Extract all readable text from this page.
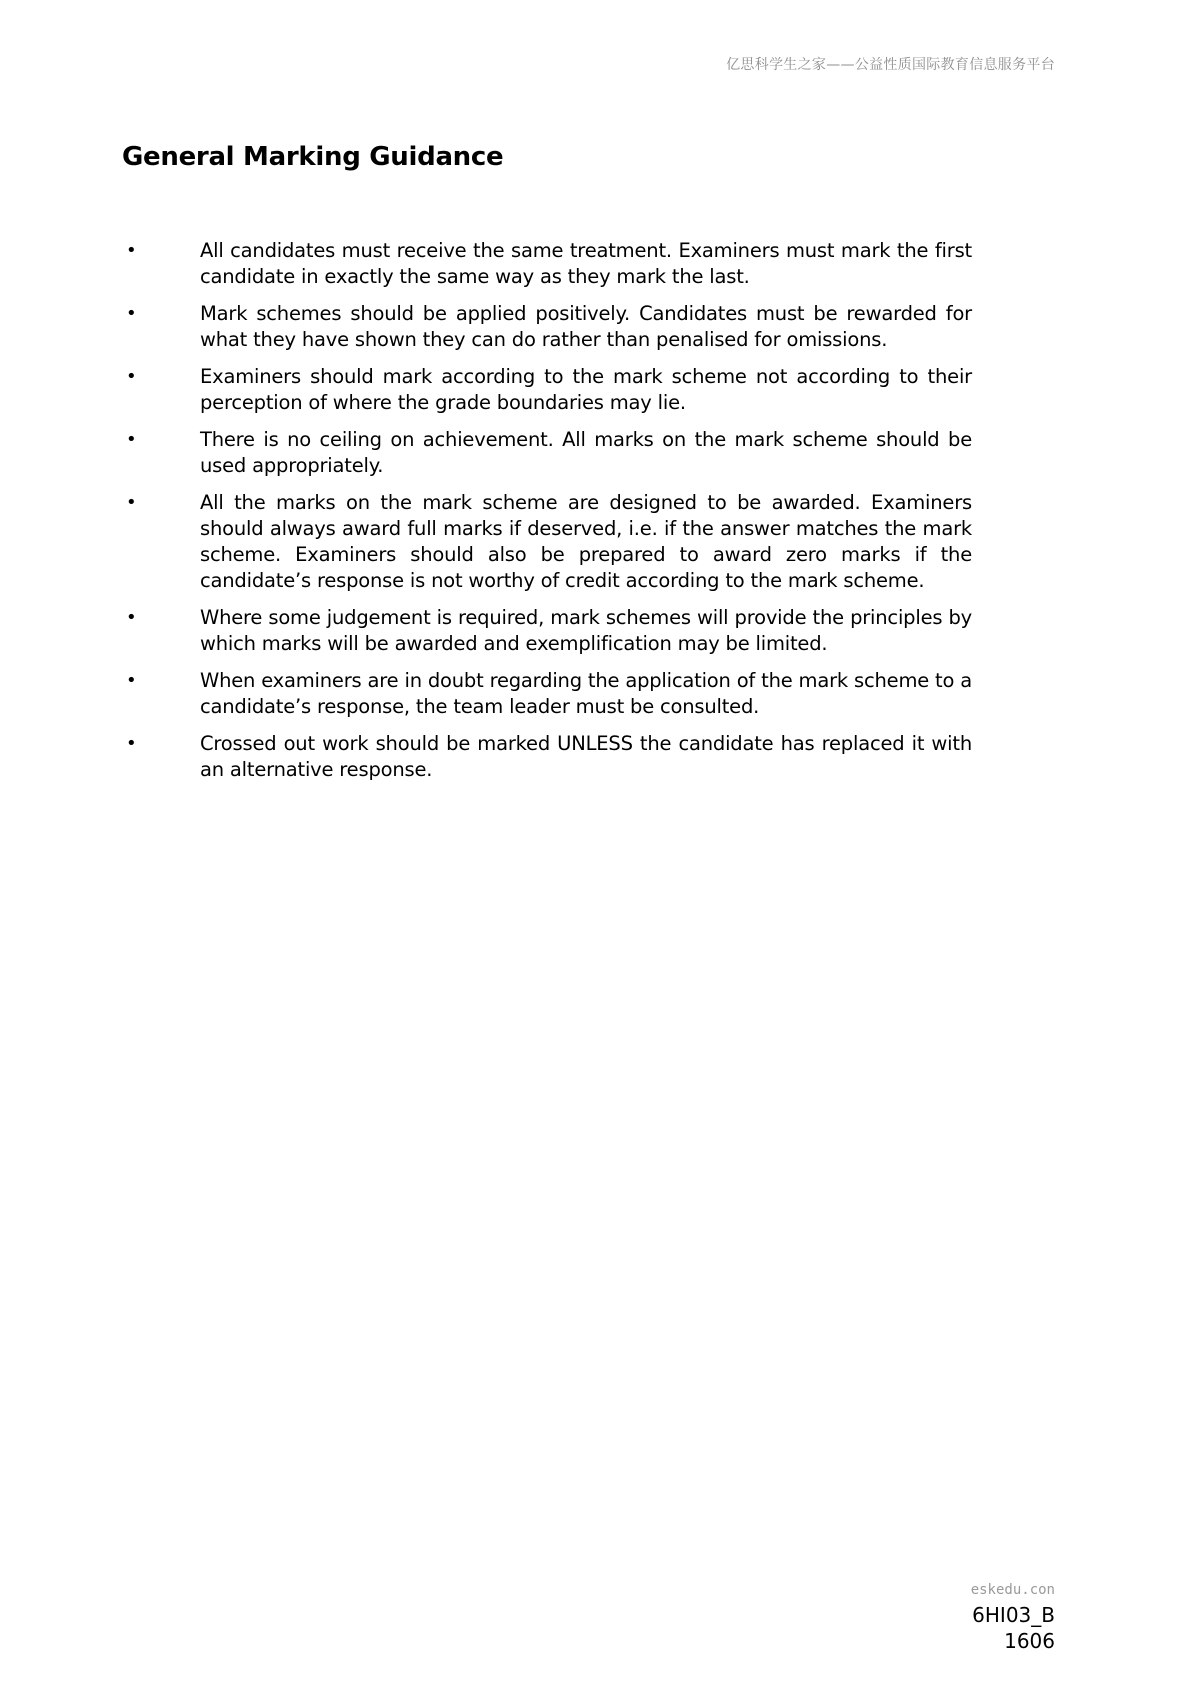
亿思科学生之家——公益性质国际教育信息服务平台
General Marking Guidance
•	All candidates must receive the same treatment. Examiners must mark the first candidate in exactly the same way as they mark the last.
•	Mark schemes should be applied positively. Candidates must be rewarded for what they have shown they can do rather than penalised for omissions.
•	Examiners should mark according to the mark scheme not according to their perception of where the grade boundaries may lie.
•	There is no ceiling on achievement. All marks on the mark scheme should be used appropriately.
•	All the marks on the mark scheme are designed to be awarded. Examiners should always award full marks if deserved, i.e. if the answer matches the mark scheme. Examiners should also be prepared to award zero marks if the candidate’s response is not worthy of credit according to the mark scheme.
•	Where some judgement is required, mark schemes will provide the principles by which marks will be awarded and exemplification may be limited.
•	When examiners are in doubt regarding the application of the mark scheme to a candidate’s response, the team leader must be consulted.
•	Crossed out work should be marked UNLESS the candidate has replaced it with an alternative response.
eskedu.con
6HI03_B
1606
